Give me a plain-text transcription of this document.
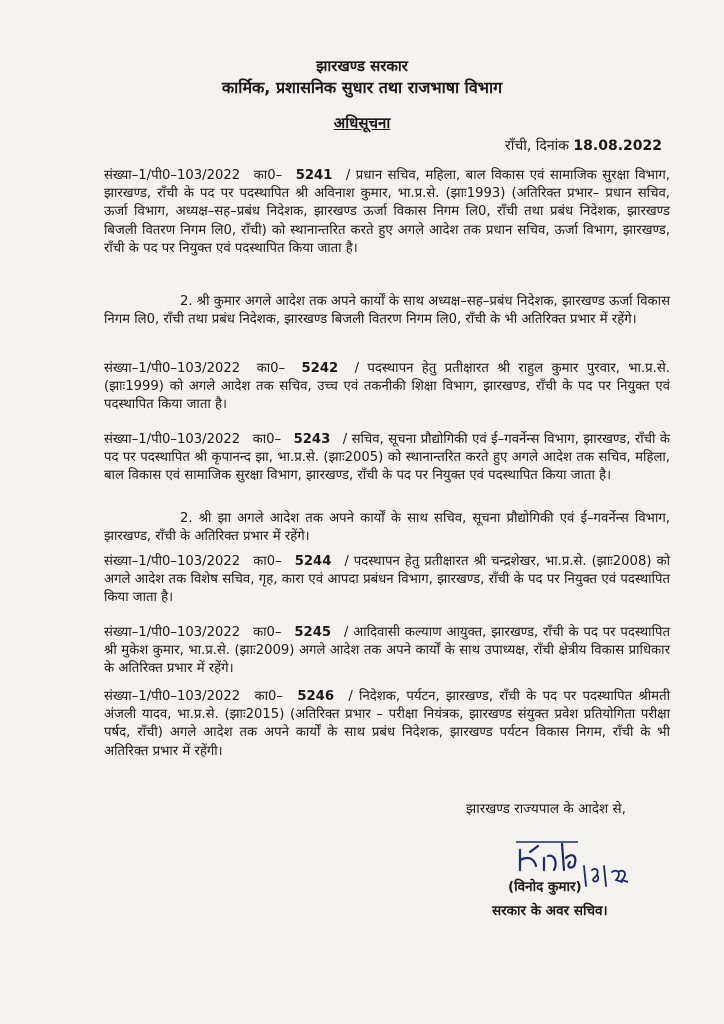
झारखण्ड सरकार
कार्मिक, प्रशासनिक सुधार तथा राजभाषा विभाग
अधिसूचना
राँची, दिनांक 18.08.2022
संख्या–1/पी0–103/2022 का0– 5241 / प्रधान सचिव, महिला, बाल विकास एवं सामाजिक सुरक्षा विभाग, झारखण्ड, राँची के पद पर पदस्थापित श्री अविनाश कुमार, भा.प्र.से. (झाः1993) (अतिरिक्त प्रभार– प्रधान सचिव, ऊर्जा विभाग, अध्यक्ष–सह–प्रबंध निदेशक, झारखण्ड ऊर्जा विकास निगम लि0, राँची तथा प्रबंध निदेशक, झारखण्ड बिजली वितरण निगम लि0, राँची) को स्थानान्तरित करते हुए अगले आदेश तक प्रधान सचिव, ऊर्जा विभाग, झारखण्ड, राँची के पद पर नियुक्त एवं पदस्थापित किया जाता है।
2. श्री कुमार अगले आदेश तक अपने कार्यों के साथ अध्यक्ष–सह–प्रबंध निदेशक, झारखण्ड ऊर्जा विकास निगम लि0, राँची तथा प्रबंध निदेशक, झारखण्ड बिजली वितरण निगम लि0, राँची के भी अतिरिक्त प्रभार में रहेंगे।
संख्या–1/पी0–103/2022 का0– 5242 / पदस्थापन हेतु प्रतीक्षारत श्री राहुल कुमार पुरवार, भा.प्र.से. (झाः1999) को अगले आदेश तक सचिव, उच्च एवं तकनीकी शिक्षा विभाग, झारखण्ड, राँची के पद पर नियुक्त एवं पदस्थापित किया जाता है।
संख्या–1/पी0–103/2022 का0– 5243 / सचिव, सूचना प्रौद्योगिकी एवं ई–गवर्नेन्स विभाग, झारखण्ड, राँची के पद पर पदस्थापित श्री कृपानन्द झा, भा.प्र.से. (झाः2005) को स्थानान्तरित करते हुए अगले आदेश तक सचिव, महिला, बाल विकास एवं सामाजिक सुरक्षा विभाग, झारखण्ड, राँची के पद पर नियुक्त एवं पदस्थापित किया जाता है।
2. श्री झा अगले आदेश तक अपने कार्यों के साथ सचिव, सूचना प्रौद्योगिकी एवं ई–गवर्नेन्स विभाग, झारखण्ड, राँची के अतिरिक्त प्रभार में रहेंगे।
संख्या–1/पी0–103/2022 का0– 5244 / पदस्थापन हेतु प्रतीक्षारत श्री चन्द्रशेखर, भा.प्र.से. (झाः2008) को अगले आदेश तक विशेष सचिव, गृह, कारा एवं आपदा प्रबंधन विभाग, झारखण्ड, राँची के पद पर नियुक्त एवं पदस्थापित किया जाता है।
संख्या–1/पी0–103/2022 का0– 5245 / आदिवासी कल्याण आयुक्त, झारखण्ड, राँची के पद पर पदस्थापित श्री मुकेश कुमार, भा.प्र.से. (झाः2009) अगले आदेश तक अपने कार्यों के साथ उपाध्यक्ष, राँची क्षेत्रीय विकास प्राधिकार के अतिरिक्त प्रभार में रहेंगे।
संख्या–1/पी0–103/2022 का0– 5246 / निदेशक, पर्यटन, झारखण्ड, राँची के पद पर पदस्थापित श्रीमती अंजली यादव, भा.प्र.से. (झाः2015) (अतिरिक्त प्रभार – परीक्षा नियंत्रक, झारखण्ड संयुक्त प्रवेश प्रतियोगिता परीक्षा पर्षद, राँची) अगले आदेश तक अपने कार्यों के साथ प्रबंध निदेशक, झारखण्ड पर्यटन विकास निगम, राँची के भी अतिरिक्त प्रभार में रहेंगी।
झारखण्ड राज्यपाल के आदेश से,
(विनोद कुमार)
सरकार के अवर सचिव।
